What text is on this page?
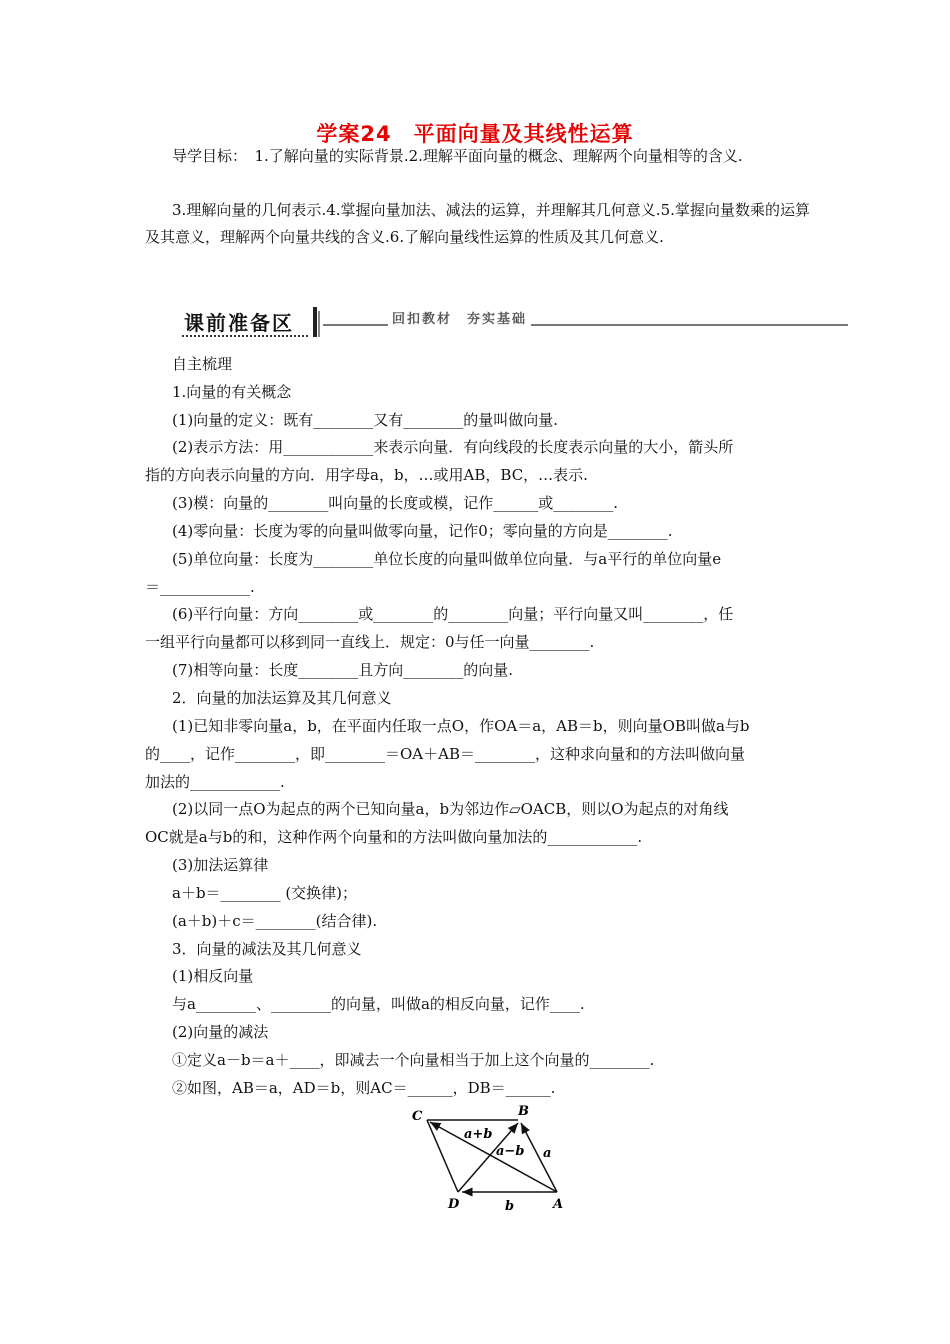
学案24　平面向量及其线性运算
导学目标：　1.了解向量的实际背景.2.理解平面向量的概念、理解两个向量相等的含义.
3.理解向量的几何表示.4.掌握向量加法、减法的运算，并理解其几何意义.5.掌握向量数乘的运算及其意义，理解两个向量共线的含义.6.了解向量线性运算的性质及其几何意义.
课前准备区	回扣教材　夯实基础
自主梳理
1.向量的有关概念
(1)向量的定义：既有________又有________的量叫做向量.
(2)表示方法：用____________来表示向量．有向线段的长度表示向量的大小，箭头所
指的方向表示向量的方向．用字母a，b，…或用AB，BC，…表示.
(3)模：向量的________叫向量的长度或模，记作______或________.
(4)零向量：长度为零的向量叫做零向量，记作0；零向量的方向是________.
(5)单位向量：长度为________单位长度的向量叫做单位向量．与a平行的单位向量e
＝____________.
(6)平行向量：方向________或________的________向量；平行向量又叫________，任
一组平行向量都可以移到同一直线上．规定：0与任一向量________.
(7)相等向量：长度________且方向________的向量.
2．向量的加法运算及其几何意义
(1)已知非零向量a，b，在平面内任取一点O，作OA＝a，AB＝b，则向量OB叫做a与b
的____，记作________，即________＝OA＋AB＝________，这种求向量和的方法叫做向量
加法的____________.
(2)以同一点O为起点的两个已知向量a，b为邻边作▱OACB，则以O为起点的对角线
OC就是a与b的和，这种作两个向量和的方法叫做向量加法的____________.
(3)加法运算律
a＋b＝________ (交换律)；
(a＋b)＋c＝________(结合律).
3．向量的减法及其几何意义
(1)相反向量
与a________、________的向量，叫做a的相反向量，记作____.
(2)向量的减法
①定义a－b＝a＋____，即减去一个向量相当于加上这个向量的________.
②如图，AB＝a，AD＝b，则AC＝______，DB＝______.
C	B
D	A
a+b
a−b a
b
